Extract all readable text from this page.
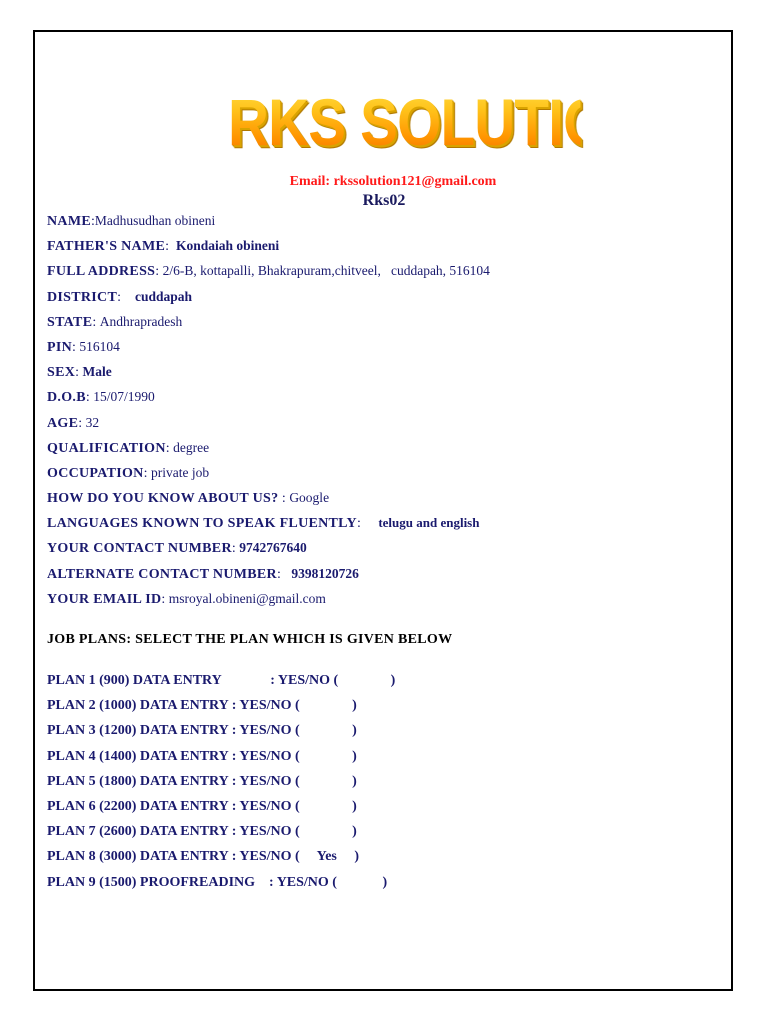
RKS SOLUTION
Email: rkssolution121@gmail.com
Rks02
NAME:Madhusudhan obineni
FATHER'S NAME:  Kondaiah obineni
FULL ADDRESS: 2/6-B, kottapalli, Bhakrapuram,chitveel,   cuddapah, 516104
DISTRICT:    cuddapah
STATE: Andhrapradesh
PIN: 516104
SEX: Male
D.O.B: 15/07/1990
AGE: 32
QUALIFICATION: degree
OCCUPATION: private job
HOW DO YOU KNOW ABOUT US? : Google
LANGUAGES KNOWN TO SPEAK FLUENTLY:     telugu and english
YOUR CONTACT NUMBER: 9742767640
ALTERNATE CONTACT NUMBER:   9398120726
YOUR EMAIL ID: msroyal.obineni@gmail.com
JOB PLANS: SELECT THE PLAN WHICH IS GIVEN BELOW
PLAN 1 (900) DATA ENTRY              : YES/NO (               )
PLAN 2 (1000) DATA ENTRY : YES/NO (               )
PLAN 3 (1200) DATA ENTRY : YES/NO (               )
PLAN 4 (1400) DATA ENTRY : YES/NO (               )
PLAN 5 (1800) DATA ENTRY : YES/NO (               )
PLAN 6 (2200) DATA ENTRY : YES/NO (               )
PLAN 7 (2600) DATA ENTRY : YES/NO (               )
PLAN 8 (3000) DATA ENTRY : YES/NO (     Yes     )
PLAN 9 (1500) PROOFREADING    : YES/NO (             )
